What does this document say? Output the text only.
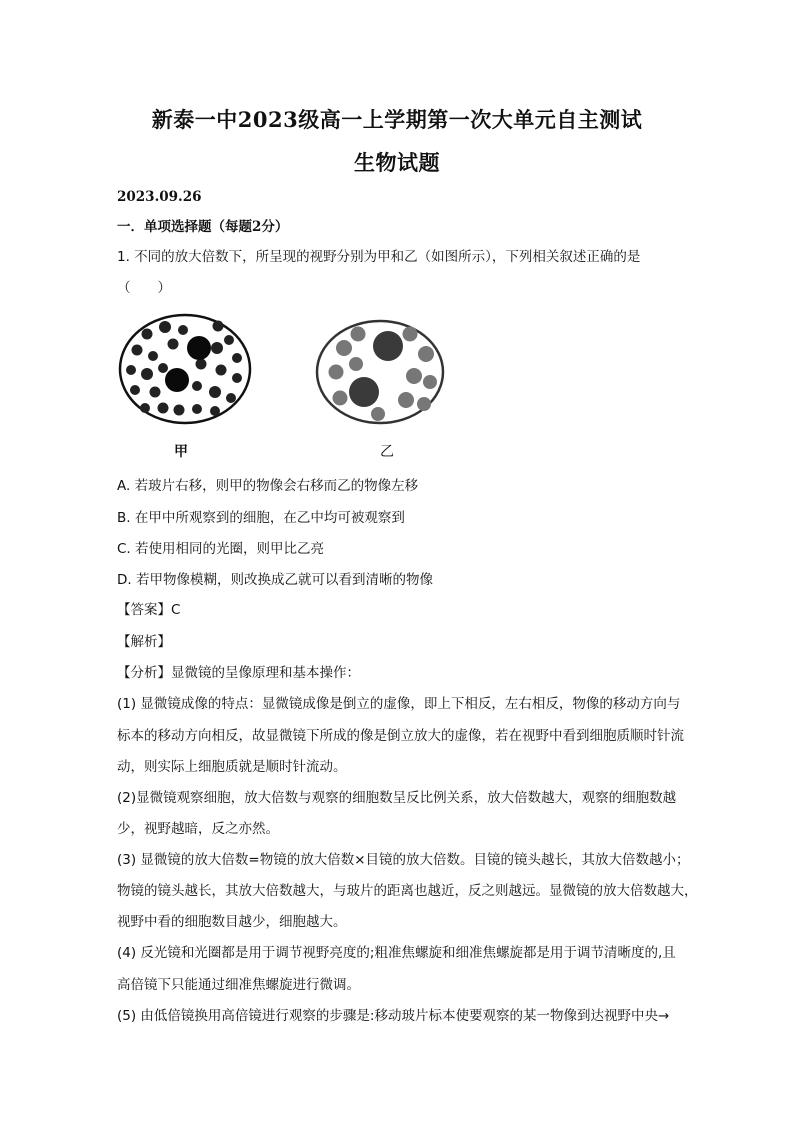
新泰一中2023级高一上学期第一次大单元自主测试
生物试题
2023.09.26
一．单项选择题（每题2分）
1. 不同的放大倍数下，所呈现的视野分别为甲和乙（如图所示），下列相关叙述正确的是
（　　）
甲	乙
A. 若玻片右移，则甲的物像会右移而乙的物像左移
B. 在甲中所观察到的细胞，在乙中均可被观察到
C. 若使用相同的光圈，则甲比乙亮
D. 若甲物像模糊，则改换成乙就可以看到清晰的物像
【答案】C
【解析】
【分析】显微镜的呈像原理和基本操作：
(1) 显微镜成像的特点：显微镜成像是倒立的虚像，即上下相反，左右相反，物像的移动方向与
标本的移动方向相反，故显微镜下所成的像是倒立放大的虚像，若在视野中看到细胞质顺时针流
动，则实际上细胞质就是顺时针流动。
(2)显微镜观察细胞，放大倍数与观察的细胞数呈反比例关系，放大倍数越大，观察的细胞数越
少，视野越暗，反之亦然。
(3) 显微镜的放大倍数=物镜的放大倍数×目镜的放大倍数。目镜的镜头越长，其放大倍数越小；
物镜的镜头越长，其放大倍数越大，与玻片的距离也越近，反之则越远。显微镜的放大倍数越大，
视野中看的细胞数目越少，细胞越大。
(4) 反光镜和光圈都是用于调节视野亮度的;粗准焦螺旋和细准焦螺旋都是用于调节清晰度的,且
高倍镜下只能通过细准焦螺旋进行微调。
(5) 由低倍镜换用高倍镜进行观察的步骤是:移动玻片标本使要观察的某一物像到达视野中央→
